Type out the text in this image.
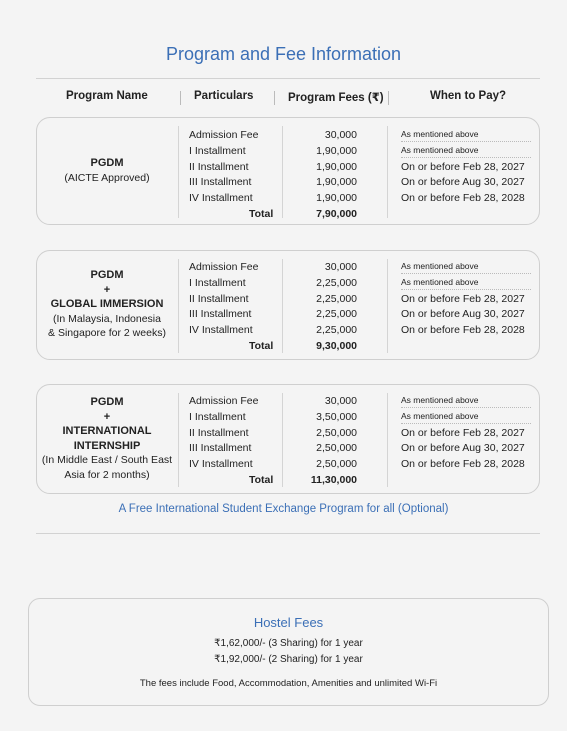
Program and Fee Information
Program Name	Particulars	Program Fees (₹)	When to Pay?
PGDM
(AICTE Approved)
Admission Fee	30,000	As mentioned above
I Installment	1,90,000	As mentioned above
II Installment	1,90,000	On or before Feb 28, 2027
III Installment	1,90,000	On or before Aug 30, 2027
IV Installment	1,90,000	On or before Feb 28, 2028
Total	7,90,000
PGDM
+
GLOBAL IMMERSION
(In Malaysia, Indonesia
& Singapore for 2 weeks)
Admission Fee	30,000	As mentioned above
I Installment	2,25,000	As mentioned above
II Installment	2,25,000	On or before Feb 28, 2027
III Installment	2,25,000	On or before Aug 30, 2027
IV Installment	2,25,000	On or before Feb 28, 2028
Total	9,30,000
PGDM
+
INTERNATIONAL
INTERNSHIP
(In Middle East / South East
Asia for 2 months)
Admission Fee	30,000	As mentioned above
I Installment	3,50,000	As mentioned above
II Installment	2,50,000	On or before Feb 28, 2027
III Installment	2,50,000	On or before Aug 30, 2027
IV Installment	2,50,000	On or before Feb 28, 2028
Total	11,30,000
A Free International Student Exchange Program for all (Optional)
Hostel Fees
₹1,62,000/- (3 Sharing) for 1 year
₹1,92,000/- (2 Sharing) for 1 year
The fees include Food, Accommodation, Amenities and unlimited Wi-Fi
